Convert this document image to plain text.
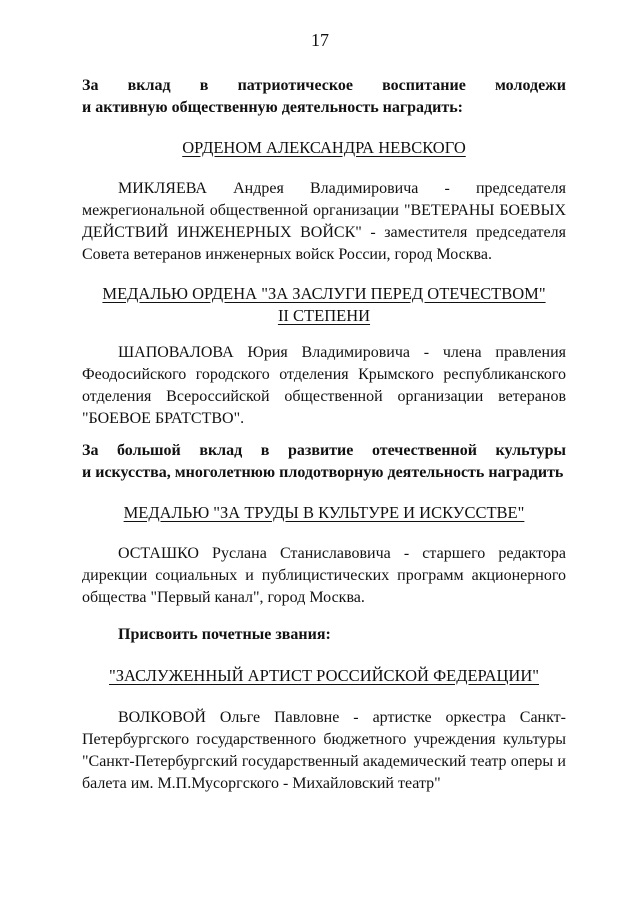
17
За вклад в патриотическое воспитание молодежи
и активную общественную деятельность наградить:
ОРДЕНОМ АЛЕКСАНДРА НЕВСКОГО
МИКЛЯЕВА Андрея Владимировича - председателя межрегиональной общественной организации "ВЕТЕРАНЫ БОЕВЫХ ДЕЙСТВИЙ ИНЖЕНЕРНЫХ ВОЙСК" - заместителя председателя Совета ветеранов инженерных войск России, город Москва.
МЕДАЛЬЮ ОРДЕНА "ЗА ЗАСЛУГИ ПЕРЕД ОТЕЧЕСТВОМ"
II СТЕПЕНИ
ШАПОВАЛОВА Юрия Владимировича - члена правления Феодосийского городского отделения Крымского республиканского отделения Всероссийской общественной организации ветеранов "БОЕВОЕ БРАТСТВО".
За большой вклад в развитие отечественной культуры
и искусства, многолетнюю плодотворную деятельность наградить
МЕДАЛЬЮ "ЗА ТРУДЫ В КУЛЬТУРЕ И ИСКУССТВЕ"
ОСТАШКО Руслана Станиславовича - старшего редактора дирекции социальных и публицистических программ акционерного общества "Первый канал", город Москва.
Присвоить почетные звания:
"ЗАСЛУЖЕННЫЙ АРТИСТ РОССИЙСКОЙ ФЕДЕРАЦИИ"
ВОЛКОВОЙ Ольге Павловне - артистке оркестра Санкт-Петербургского государственного бюджетного учреждения культуры "Санкт-Петербургский государственный академический театр оперы и балета им. М.П.Мусоргского - Михайловский театр"
